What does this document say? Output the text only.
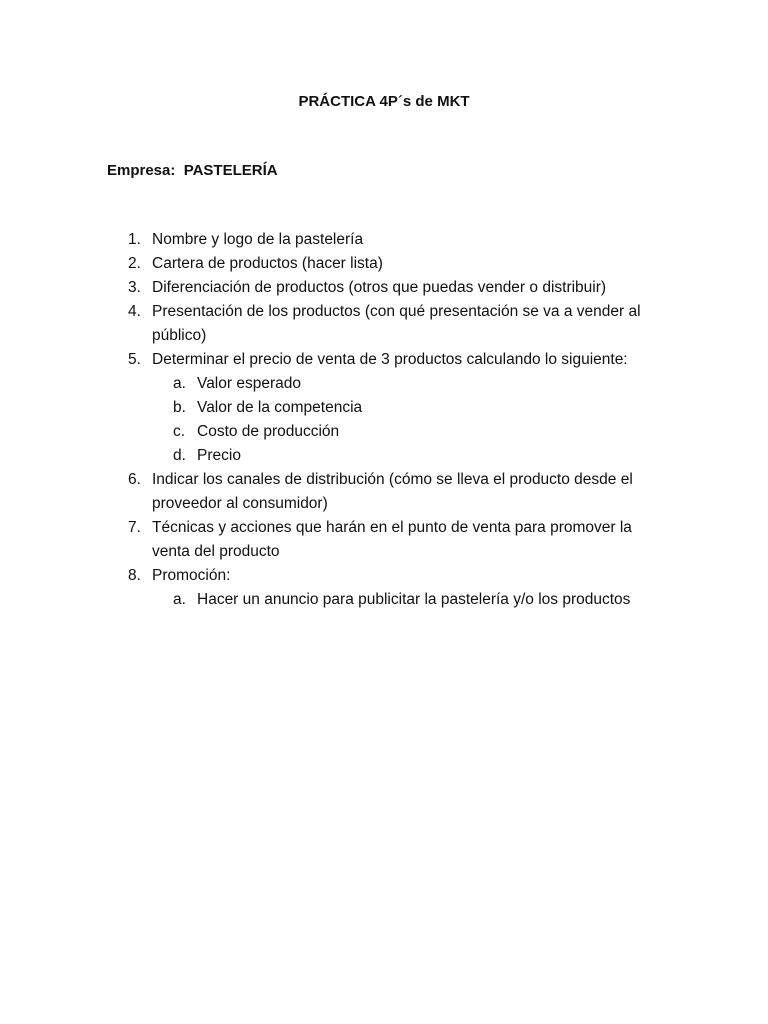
PRÁCTICA 4P´s de MKT
Empresa:  PASTELERÍA
1. Nombre y logo de la pastelería
2. Cartera de productos (hacer lista)
3. Diferenciación de productos (otros que puedas vender o distribuir)
4. Presentación de los productos (con qué presentación se va a vender al público)
5. Determinar el precio de venta de 3 productos calculando lo siguiente:
a. Valor esperado
b. Valor de la competencia
c. Costo de producción
d. Precio
6. Indicar los canales de distribución (cómo se lleva el producto desde el proveedor al consumidor)
7. Técnicas y acciones que harán en el punto de venta para promover la venta del producto
8. Promoción:
a. Hacer un anuncio para publicitar la pastelería y/o los productos
